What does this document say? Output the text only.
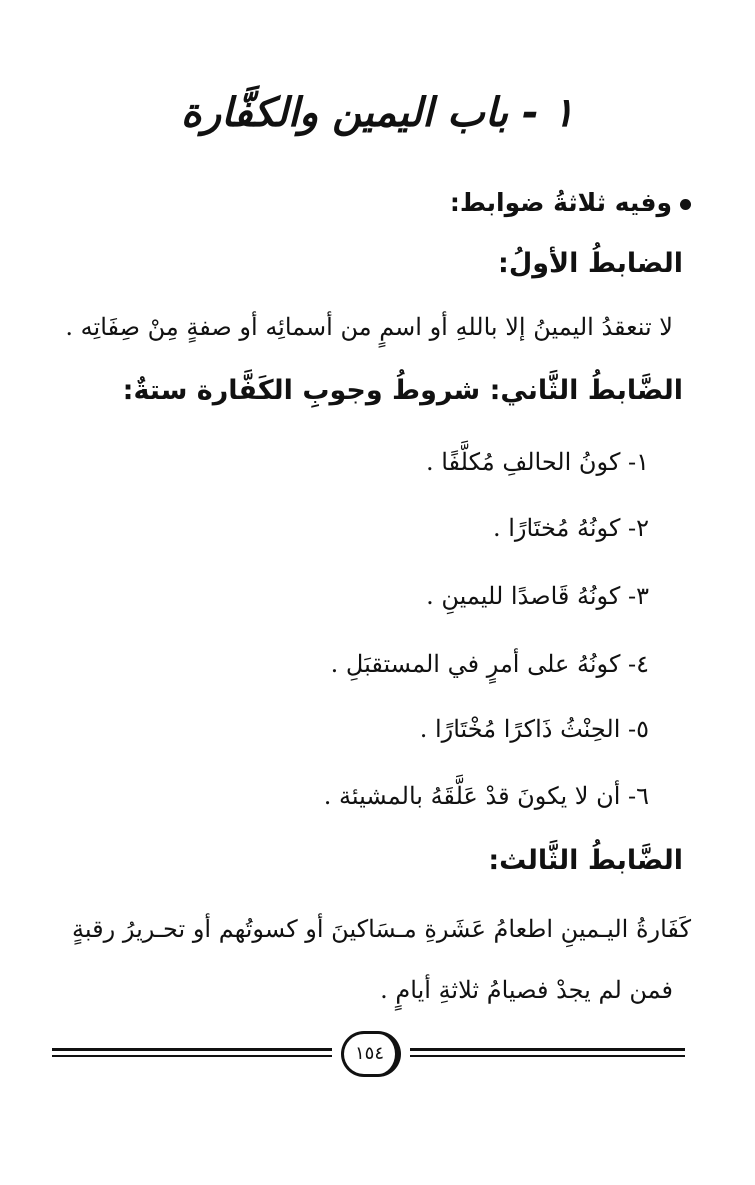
١ - باب اليمين والكفَّارة
وفيه ثلاثةُ ضوابط:
الضابطُ الأولُ:
لا تنعقدُ اليمينُ إلا باللهِ أو اسمٍ من أسمائِه أو صفةٍ مِنْ صِفَاتِه .
الضَّابطُ الثَّاني: شروطُ وجوبِ الكَفَّارة ستةٌ:
١- كونُ الحالفِ مُكلَّفًا .
٢- كونُهُ مُختَارًا .
٣- كونُهُ قَاصدًا لليمينِ .
٤- كونُهُ على أمرٍ في المستقبَلِ .
٥- الحِنْثُ ذَاكرًا مُخْتَارًا .
٦- أن لا يكونَ قدْ عَلَّقَهُ بالمشيئة .
الضَّابطُ الثَّالث:
كَفَارةُ اليـمينِ اطعامُ عَشَرةِ مـسَاكينَ أو كسوتُهم أو تحـريرُ رقبةٍ
فمن لم يجدْ فصيامُ ثلاثةِ أيامٍ .
١٥٤
